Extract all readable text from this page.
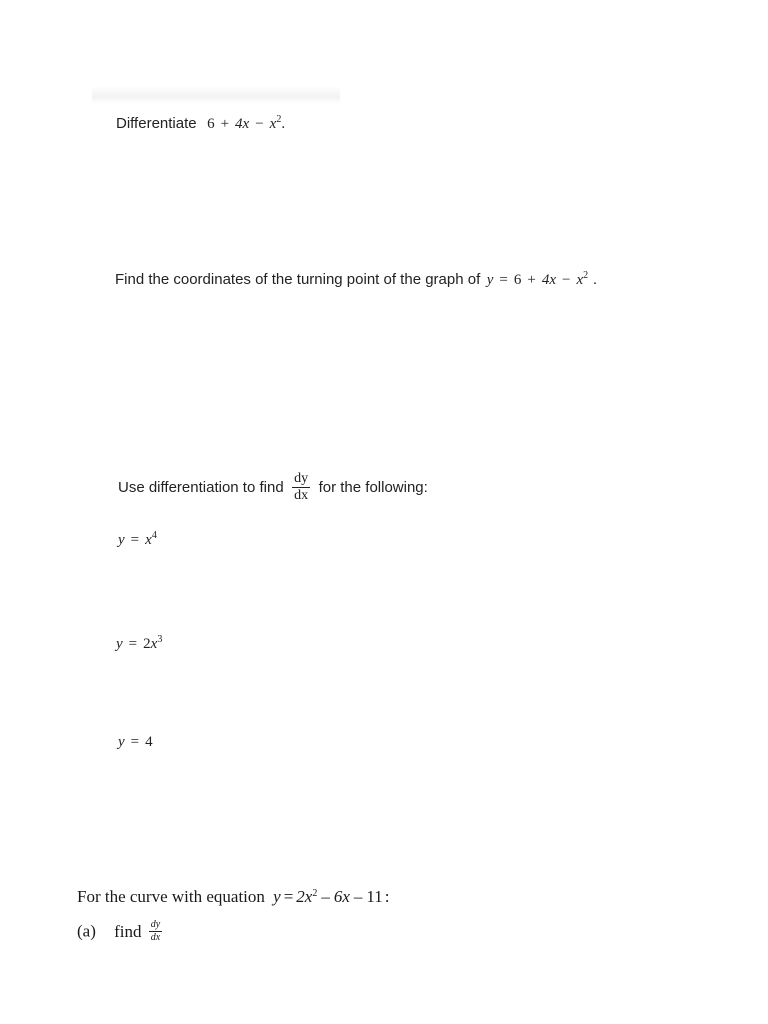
Differentiate $6 + 4x - x^2$.
Find the coordinates of the turning point of the graph of $y = 6 + 4x - x^2$ .
Use differentiation to find $\frac{dy}{dx}$ for the following:
$y = x^4$
$y = 2x^3$
y = 4
For the curve with equation $y = 2x^2 - 6x - 11$ :
(a) find $\frac{dy}{dx}$
